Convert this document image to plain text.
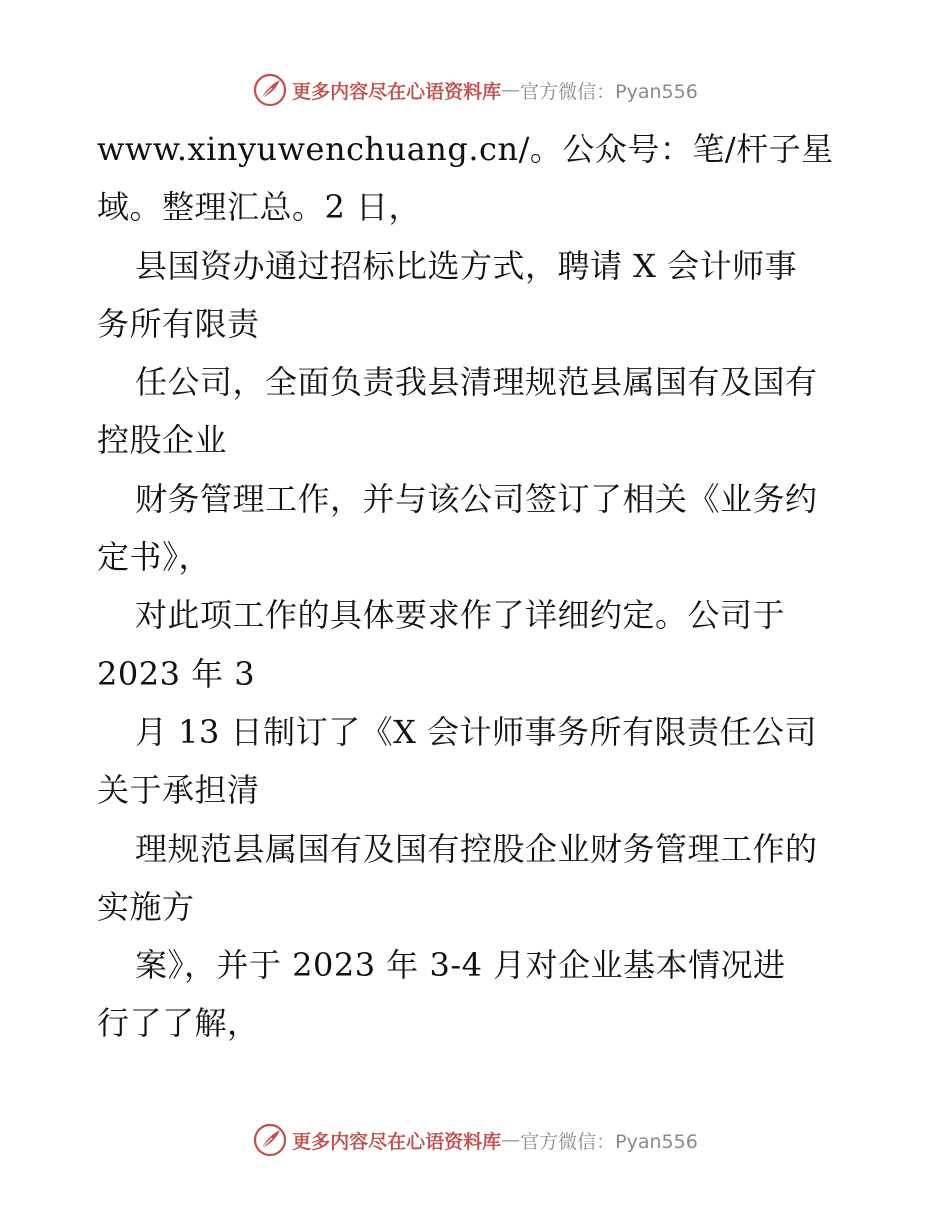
更多内容尽在心语资料库 — 官方微信：Pyan556
www.xinyuwenchuang.cn/。公众号：笔/杆子星
域。整理汇总。2 日，
县国资办通过招标比选方式，聘请 X 会计师事
务所有限责
任公司，全面负责我县清理规范县属国有及国有
控股企业
财务管理工作，并与该公司签订了相关《业务约
定书》，
对此项工作的具体要求作了详细约定。公司于
2023 年 3
月 13 日制订了《X 会计师事务所有限责任公司
关于承担清
理规范县属国有及国有控股企业财务管理工作的
实施方
案》，并于 2023 年 3-4 月对企业基本情况进
行了了解，
更多内容尽在心语资料库 — 官方微信：Pyan556
